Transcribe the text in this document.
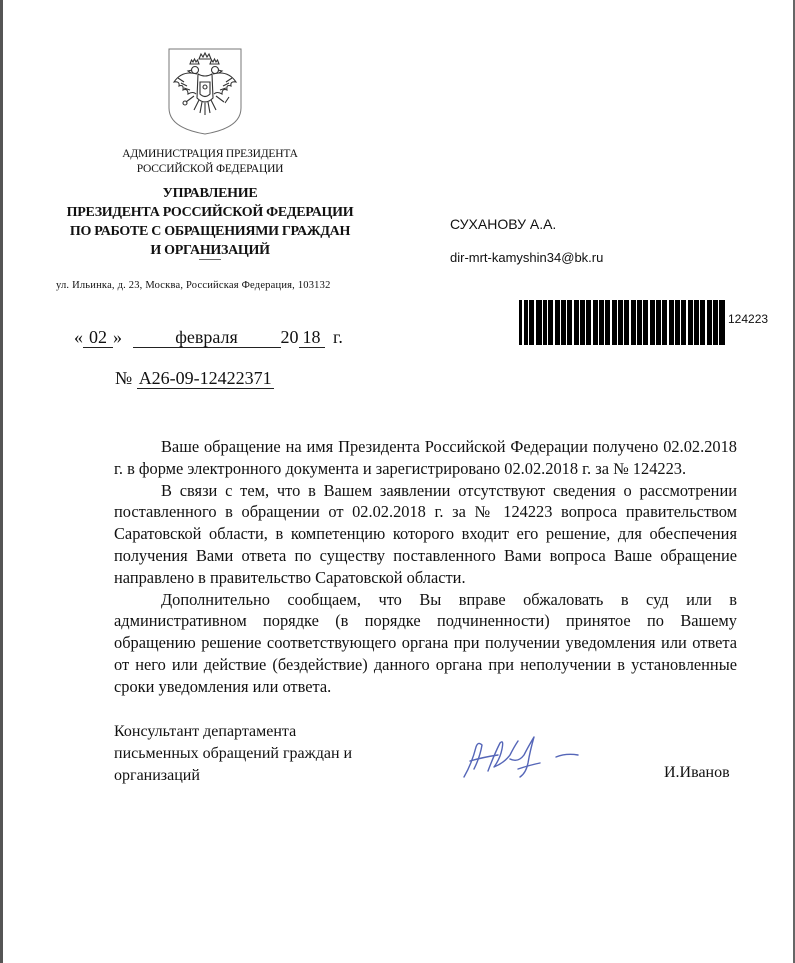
АДМИНИСТРАЦИЯ ПРЕЗИДЕНТА
РОССИЙСКОЙ ФЕДЕРАЦИИ
УПРАВЛЕНИЕ
ПРЕЗИДЕНТА РОССИЙСКОЙ ФЕДЕРАЦИИ
ПО РАБОТЕ С ОБРАЩЕНИЯМИ ГРАЖДАН
И ОРГАНИЗАЦИЙ
ул. Ильинка, д. 23, Москва, Российская Федерация, 103132
СУХАНОВУ А.А.
dir-mrt-kamyshin34@bk.ru
124223
« 02 »	февраля 20 18 г.
№ А26-09-12422371

Ваше обращение на имя Президента Российской Федерации получено 02.02.2018 г. в форме электронного документа и зарегистрировано 02.02.2018 г. за № 124223.

В связи с тем, что в Вашем заявлении отсутствуют сведения о рассмотрении поставленного в обращении от 02.02.2018 г. за № 124223 вопроса правительством Саратовской области, в компетенцию которого входит его решение, для обеспечения получения Вами ответа по существу поставленного Вами вопроса Ваше обращение направлено в правительство Саратовской области.

Дополнительно сообщаем, что Вы вправе обжаловать в суд или в административном порядке (в порядке подчиненности) принятое по Вашему обращению решение соответствующего органа при получении уведомления или ответа от него или действие (бездействие) данного органа при неполучении в установленные сроки уведомления или ответа.

Консультант департамента
письменных обращений граждан и
организаций	И.Иванов
